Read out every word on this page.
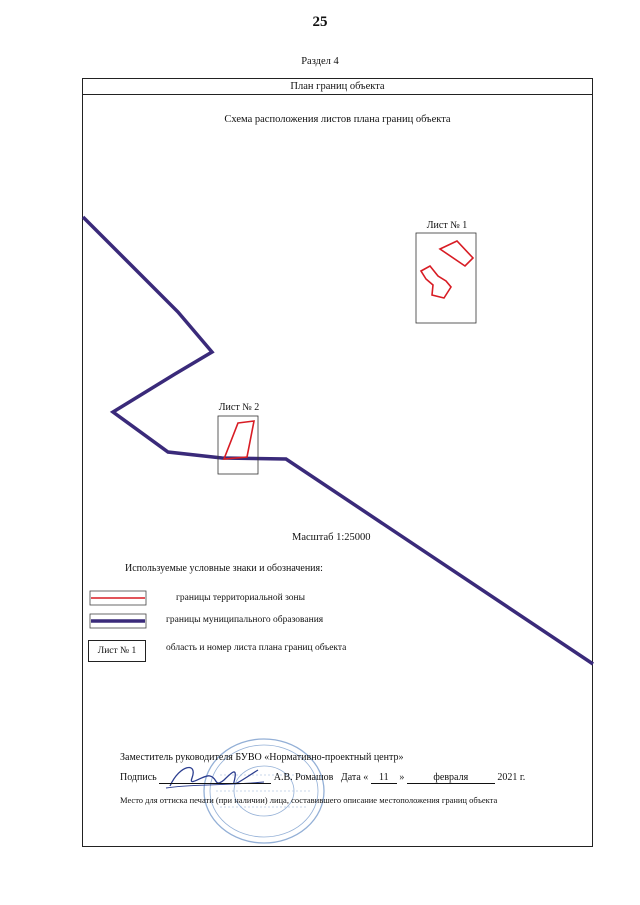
25
Раздел 4
План границ объекта
Схема расположения листов плана границ объекта
Лист № 1
Лист № 2
Масштаб 1:25000
Используемые условные знаки и обозначения:
границы территориальной зоны
границы муниципального образования
Лист № 1	область и номер листа плана границ объекта
Заместитель руководителя БУВО «Нормативно-проектный центр»
Подпись	А.В. Ромашов Дата « 11 »	февраля	2021 г.
Место для оттиска печати (при наличии) лица, составившего описание местоположения границ объекта
